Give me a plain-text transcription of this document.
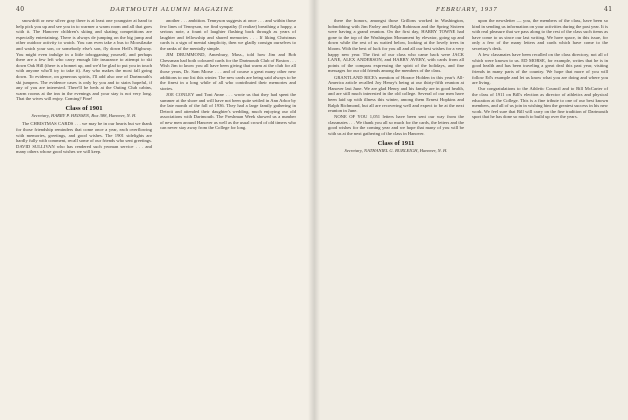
40	DARTMOUTH ALUMNI MAGAZINE

snowdrift or new silver gray there is at least one youngster at hand to help pick you up and see you in to warmer a warm room and all that goes with it. The Hanover children's skiing and skating competitions are especially entertaining. There is always de jumping on the big jump and other outdoor activity to watch. You can even take a bus to Moosilauke and watch your son, or somebody else's son, fly down Hell's Highway. You might even indulge in a little tobogganing yourself, and perhaps there are a few left who carry enough life insurance to attempt to ski down Oak Hill (there is a bonnet up, and we'd be glad to put you in touch with anyone who'll try to take it). Any who makes the most fall going down. To evidence, on generous spirits, I'll add also one of Dartmouth's ski jumpers. The evidence cases is only by you and to stairs hopeful, if any of you are interested. There'll be beds at the Outing Club cabins, warm rooms at the inn in the evenings and your stay is not very long. That the wives will enjoy. Coming? Fine!

Class of 1901
Secretary, HARRY P. HEISSEN, Box 388, Hanover, N. H.

The CHRISTMAS CARDS . . . we may be in our hearts but we thank for those friendship reminders that come once a year, each overflowing with memories, greetings, and good wishes. The 1901 sidelights are hardly fully with comment, recall some of our friends who sent greetings. DAVID SULLIVAN who has rendered such yeoman service . . . and many others whose good wishes we will keep.

another . . . ambition. Tennyson suggests at once . . . and within those few lines of Tennyson, we find sympathy (I realize) breathing a happy, a serious note, a fount of laughter flashing back through as years of laughter and fellowship and shared memories . . . If liking Christmas cards is a sign of mental simplicity, then we gladly consign ourselves to the ranks of the mentally simple.

JIM DRUMMOND, Amesbury, Mass., told how Jim and Bob Chessman had both coloured cards for the Dartmouth Club of Boston . . . Wish Jim to know you all have been giving that warm at the club for all those years, Dr. Sam Morse . . . and of course a great many other new additions to our list this winter. The new cards are being said always to be the finest in a long while of all who contributed their memories and stories.

JOE CONLEY and Toni Anne . . . wrote us that they had spent the summer at the shore and will have not been quite settled in Ann Arbor by the late month of the fall of 1936. They had a large family gathering in Detroit and attended their daughter's wedding, much enjoying our old associations with Dartmouth. The Freshman Week showed us a number of new men around Hanover as well as the usual crowd of old timers who can never stay away from the College for long.

FEBRUARY, 1937	41

there the honors, amongst those Grillons worked in Washington, hobnobbing with Jim Farley and Ralph Robinson and the Spring Sixteen were having a grand reunion. On the first day, HARRY TOWNE had gone to the top of the Washington Monument by elevator, going up and down while the rest of us waited below, looking at the lovely trees in bloom. With the best of luck for you all and all our best wishes for a very happy new year. The first of our class who came back were JACK LANE, ALEX ANDERSON, and HARRY AVERY, with cards from all points of the compass expressing the spirit of the holidays, and fine messages for our old friends among the members of the class.

GRANTLAND RICE's mention of Horace Holden in this year's All-America article recalled Joy Henry's being at our thirty-fifth reunion at Hanover last June. We are glad Henry and his family are in good health, and are still much interested in the old college. Several of our men have been laid up with illness this winter, among them Ernest Hopkins and Ralph Richmond, but all are recovering well and expect to be at the next reunion in June.

NONE OF YOU 1,051 letters have been sent our way from the classmates . . . We thank you all so much for the cards, the letters and the good wishes for the coming year and we hope that many of you will be with us at the next gathering of the class in Hanover.

Class of 1911
Secretary, NATHANIEL G. BURLEIGH, Hanover, N. H.

upon the newsletter — you, the members of the class, have been so kind in sending us information on your activities during the past year. It is with real pleasure that we pass along to the rest of the class such items as have come to us since our last writing. We have space, in this issue, for only a few of the many letters and cards which have come to the secretary's desk.

A few classmates have been recalled on the class directory, not all of which were known to us. ED MORSE, for example, writes that he is in good health and has been traveling a great deal this past year, visiting friends in many parts of the country. We hope that more of you will follow Ed's example and let us know what you are doing and where you are living.

Our congratulations to the Athletic Council and to Bill McCarter of the class of 1911 on Bill's election as director of athletics and physical education at the College. This is a fine tribute to one of our best known members, and all of us join in wishing him the greatest success in his new work. We feel sure that Bill will carry on the fine tradition of Dartmouth sport that he has done so much to build up over the years.
